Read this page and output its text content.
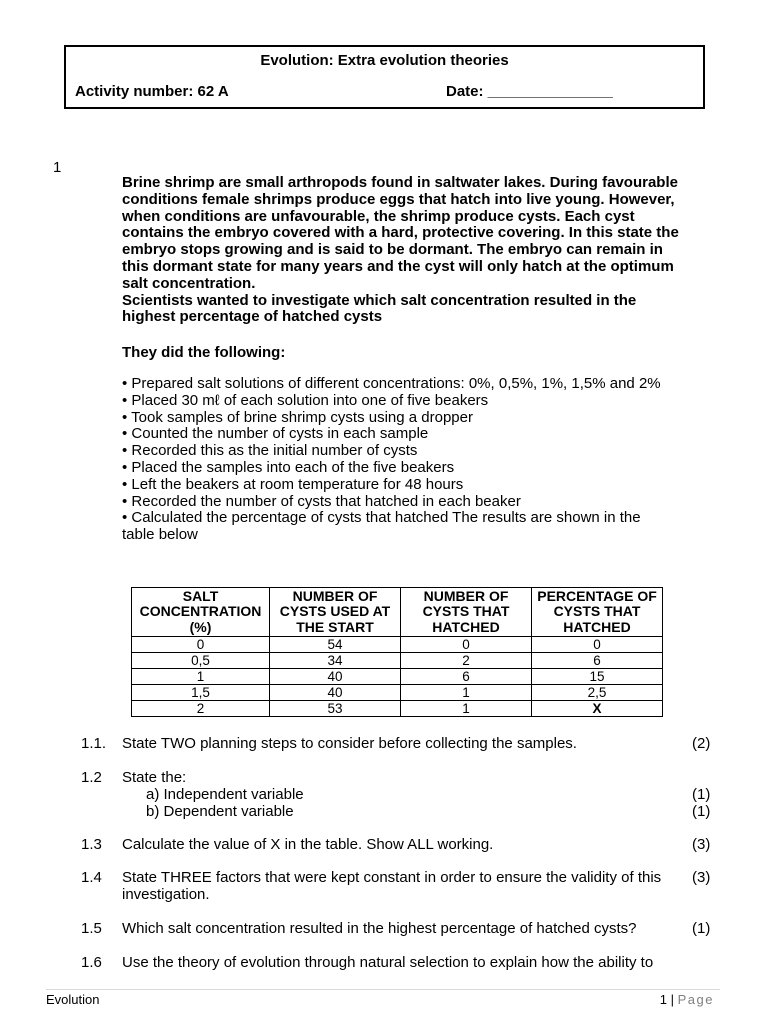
Evolution: Extra evolution theories
Activity number: 62 A	Date: _______________
1

Brine shrimp are small arthropods found in saltwater lakes. During favourable conditions female shrimps produce eggs that hatch into live young. However, when conditions are unfavourable, the shrimp produce cysts. Each cyst contains the embryo covered with a hard, protective covering. In this state the embryo stops growing and is said to be dormant. The embryo can remain in this dormant state for many years and the cyst will only hatch at the optimum salt concentration.

Scientists wanted to investigate which salt concentration resulted in the highest percentage of hatched cysts

They did the following:
• Prepared salt solutions of different concentrations: 0%, 0,5%, 1%, 1,5% and 2%
• Placed 30 mℓ of each solution into one of five beakers
• Took samples of brine shrimp cysts using a dropper
• Counted the number of cysts in each sample
• Recorded this as the initial number of cysts
• Placed the samples into each of the five beakers
• Left the beakers at room temperature for 48 hours
• Recorded the number of cysts that hatched in each beaker
• Calculated the percentage of cysts that hatched The results are shown in the table below
SALT CONCENTRATION (%)	NUMBER OF CYSTS USED AT THE START	NUMBER OF CYSTS THAT HATCHED	PERCENTAGE OF CYSTS THAT HATCHED
0	54	0	0
0,5	34	2	6
1	40	6	15
1,5	40	1	2,5
2	53	1	X
1.1. State TWO planning steps to consider before collecting the samples.	(2)
1.2 State the:
a) Independent variable	(1)
b) Dependent variable	(1)
1.3 Calculate the value of X in the table. Show ALL working.	(3)
1.4 State THREE factors that were kept constant in order to ensure the validity of this investigation.
(3)
1.5 Which salt concentration resulted in the highest percentage of hatched cysts?	(1)
1.6 Use the theory of evolution through natural selection to explain how the ability to
Evolution	1 | Page
